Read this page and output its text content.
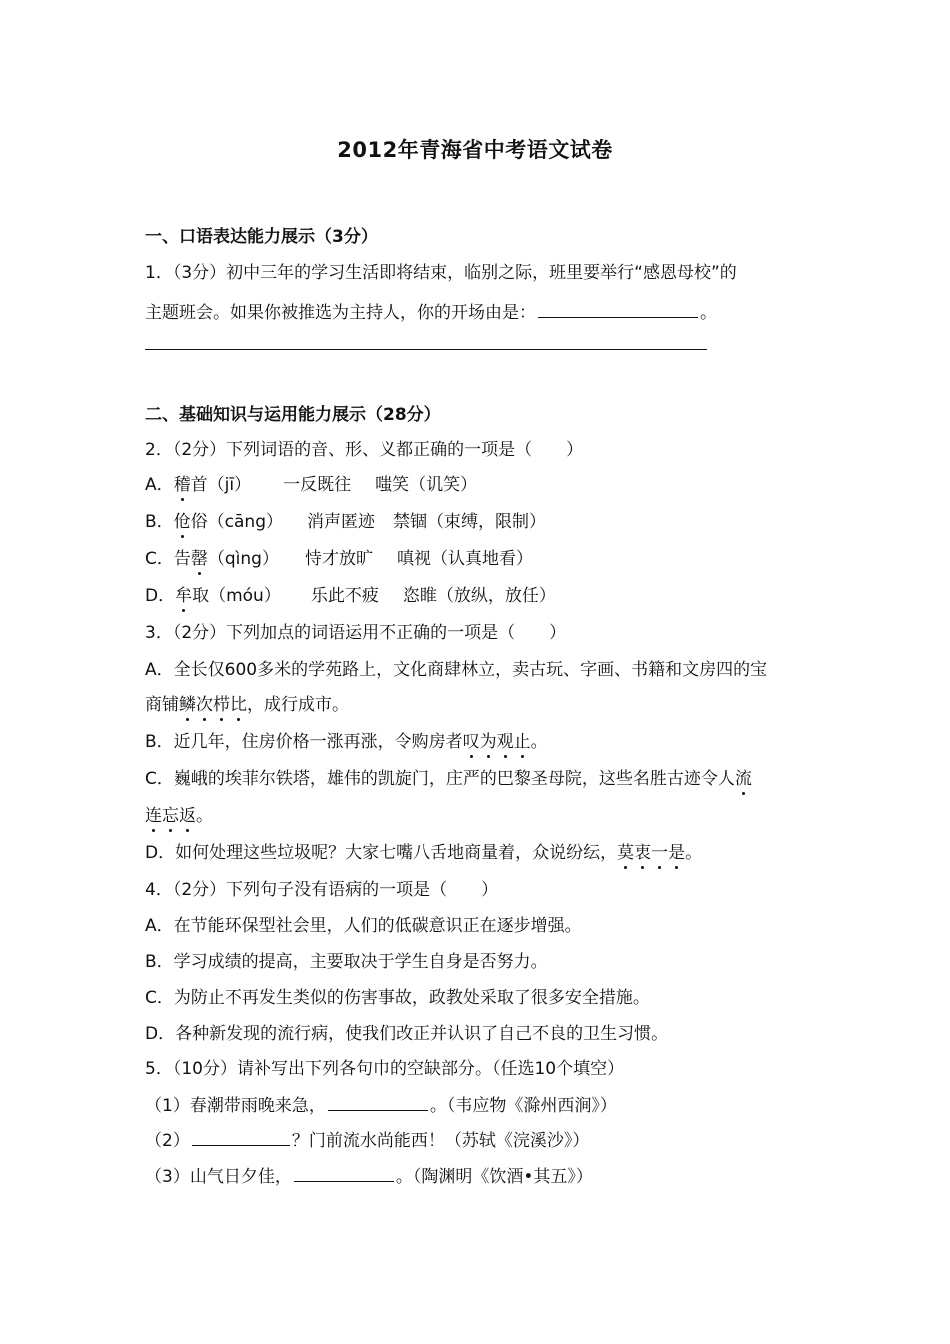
2012年青海省中考语文试卷
一、口语表达能力展示（3分）
1．（3分）初中三年的学习生活即将结束，临别之际，班里要举行“感恩母校”的
主题班会。如果你被推选为主持人，你的开场由是：	。
二、基础知识与运用能力展示（28分）
2．（2分）下列词语的音、形、义都正确的一项是（　　）
A．稽首（jī） 一反既往 嗤笑（讥笑）
B．伧俗（cāng） 消声匿迹 禁锢（束缚，限制）
C．告罄（qìng） 恃才放旷 嗔视（认真地看）
D．牟取（móu） 乐此不疲 恣睢（放纵，放任）
3．（2分）下列加点的词语运用不正确的一项是（　　）
A．全长仅600多米的学苑路上，文化商肆林立，卖古玩、字画、书籍和文房四的宝
商铺鳞次栉比，成行成市。
B．近几年，住房价格一涨再涨，令购房者叹为观止。
C．巍峨的埃菲尔铁塔，雄伟的凯旋门，庄严的巴黎圣母院，这些名胜古迹令人流
连忘返。
D．如何处理这些垃圾呢？大家七嘴八舌地商量着，众说纷纭，莫衷一是。
4．（2分）下列句子没有语病的一项是（　　）
A．在节能环保型社会里，人们的低碳意识正在逐步增强。
B．学习成绩的提高，主要取决于学生自身是否努力。
C．为防止不再发生类似的伤害事故，政教处采取了很多安全措施。
D．各种新发现的流行病，使我们改正并认识了自己不良的卫生习惯。
5．（10分）请补写出下列各句巾的空缺部分。（任选10个填空）
（1）春潮带雨晚来急，	。（韦应物《滁州西涧》）
（2）	？门前流水尚能西！（苏轼《浣溪沙》）
（3）山气日夕佳，	。（陶渊明《饮酒•其五》）
